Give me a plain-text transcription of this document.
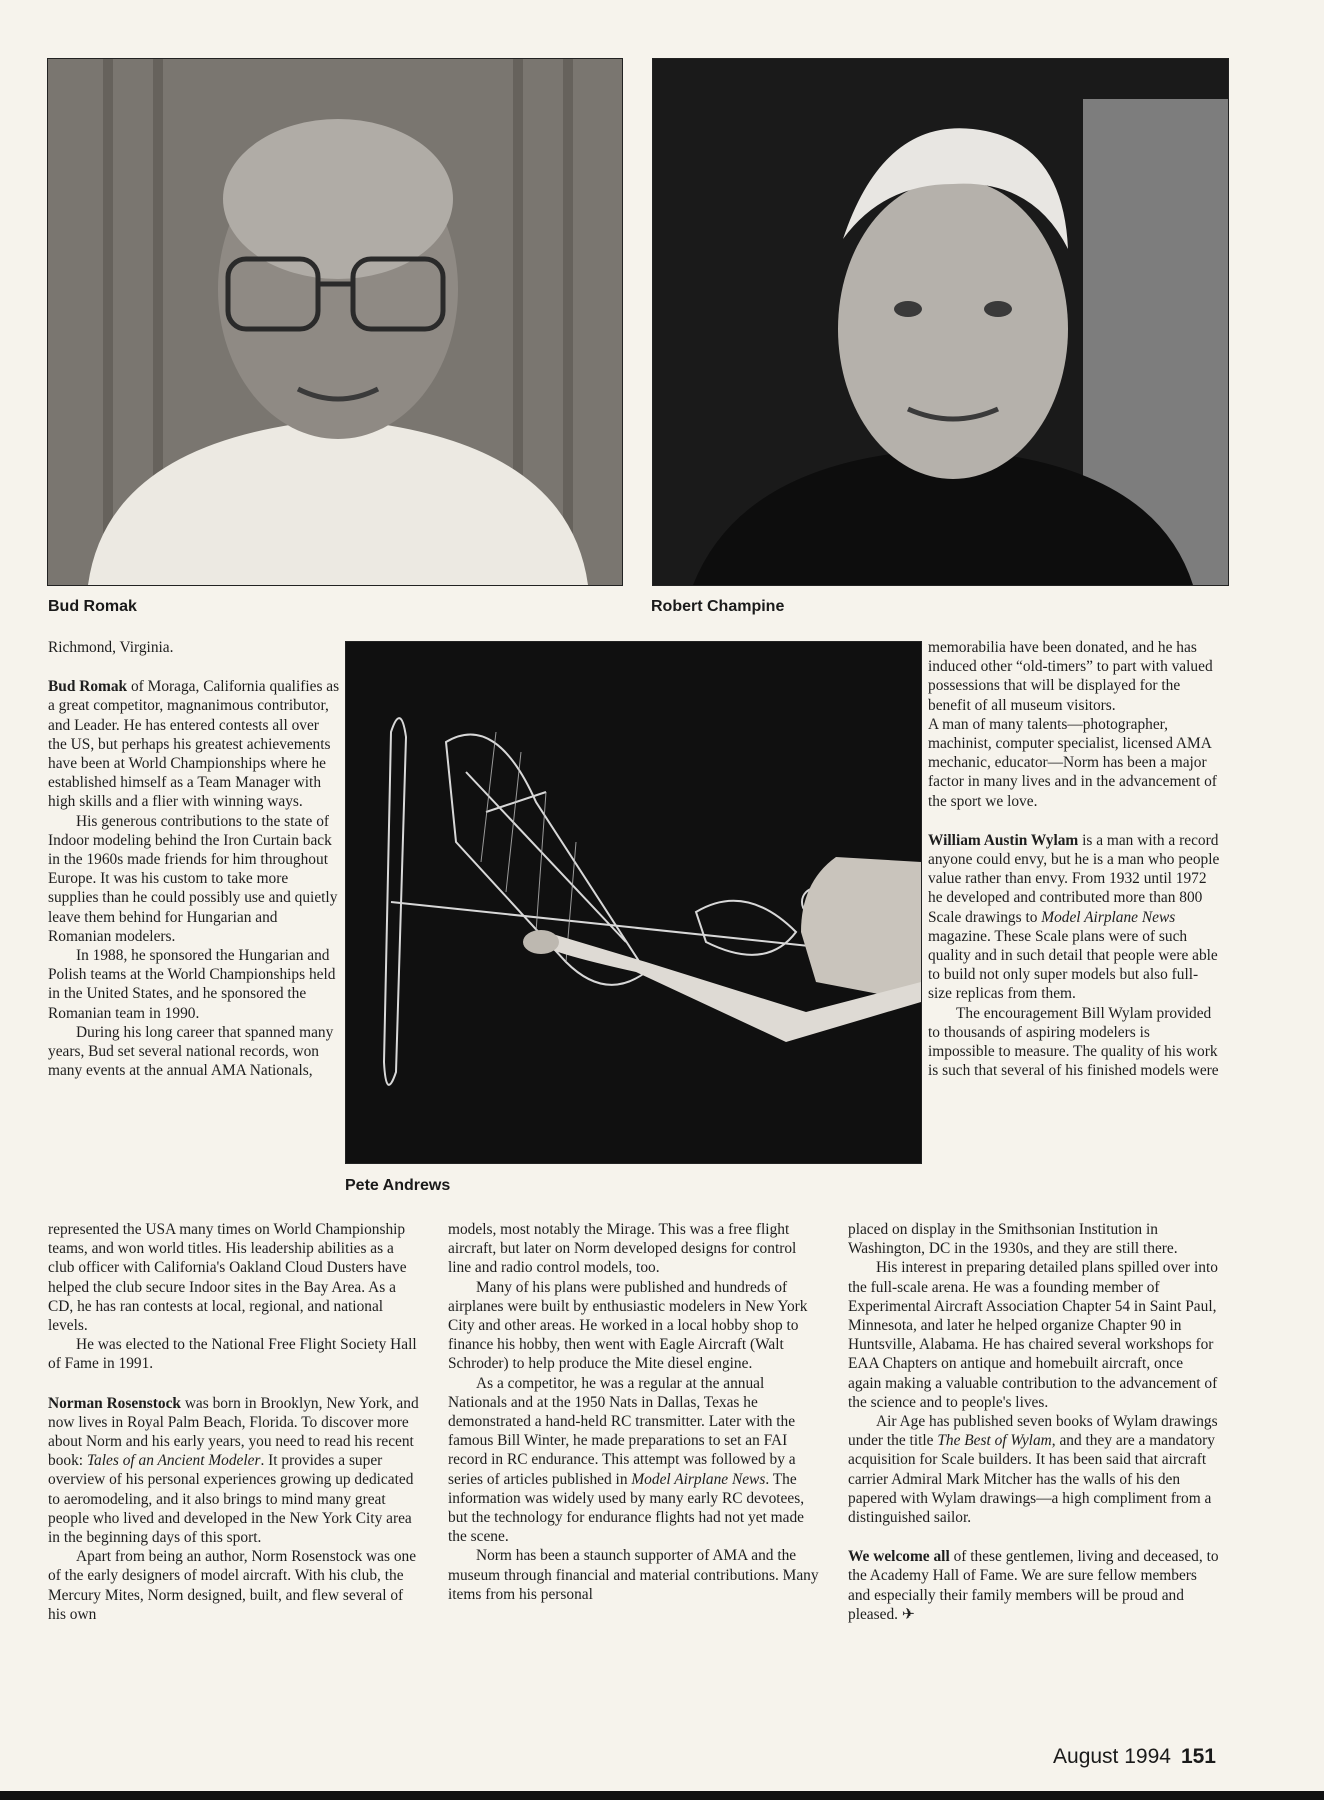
Bud Romak	Robert Champine
Pete Andrews

Richmond, Virginia.

Bud Romak of Moraga, California qualifies as a great competitor, magnanimous contributor, and Leader. He has entered contests all over the US, but perhaps his greatest achievements have been at World Championships where he established himself as a Team Manager with high skills and a flier with winning ways.

His generous contributions to the state of Indoor modeling behind the Iron Curtain back in the 1960s made friends for him throughout Europe. It was his custom to take more supplies than he could possibly use and quietly leave them behind for Hungarian and Romanian modelers.

In 1988, he sponsored the Hungarian and Polish teams at the World Championships held in the United States, and he sponsored the Romanian team in 1990.

During his long career that spanned many years, Bud set several national records, won many events at the annual AMA Nationals,

represented the USA many times on World Championship teams, and won world titles. His leadership abilities as a club officer with California's Oakland Cloud Dusters have helped the club secure Indoor sites in the Bay Area. As a CD, he has ran contests at local, regional, and national levels.

He was elected to the National Free Flight Society Hall of Fame in 1991.

Norman Rosenstock was born in Brooklyn, New York, and now lives in Royal Palm Beach, Florida. To discover more about Norm and his early years, you need to read his recent book: Tales of an Ancient Modeler. It provides a super overview of his personal experiences growing up dedicated to aeromodeling, and it also brings to mind many great people who lived and developed in the New York City area in the beginning days of this sport.

Apart from being an author, Norm Rosenstock was one of the early designers of model aircraft. With his club, the Mercury Mites, Norm designed, built, and flew several of his own

models, most notably the Mirage. This was a free flight aircraft, but later on Norm developed designs for control line and radio control models, too.

Many of his plans were published and hundreds of airplanes were built by enthusiastic modelers in New York City and other areas. He worked in a local hobby shop to finance his hobby, then went with Eagle Aircraft (Walt Schroder) to help produce the Mite diesel engine.

As a competitor, he was a regular at the annual Nationals and at the 1950 Nats in Dallas, Texas he demonstrated a hand-held RC transmitter. Later with the famous Bill Winter, he made preparations to set an FAI record in RC endurance. This attempt was followed by a series of articles published in Model Airplane News. The information was widely used by many early RC devotees, but the technology for endurance flights had not yet made the scene.

Norm has been a staunch supporter of AMA and the museum through financial and material contributions. Many items from his personal

memorabilia have been donated, and he has induced other “old-timers” to part with valued possessions that will be displayed for the benefit of all museum visitors.

A man of many talents—photographer, machinist, computer specialist, licensed AMA mechanic, educator—Norm has been a major factor in many lives and in the advancement of the sport we love.

William Austin Wylam is a man with a record anyone could envy, but he is a man who people value rather than envy. From 1932 until 1972 he developed and contributed more than 800 Scale drawings to Model Airplane News magazine. These Scale plans were of such quality and in such detail that people were able to build not only super models but also full-size replicas from them.

The encouragement Bill Wylam provided to thousands of aspiring modelers is impossible to measure. The quality of his work is such that several of his finished models were

placed on display in the Smithsonian Institution in Washington, DC in the 1930s, and they are still there.

His interest in preparing detailed plans spilled over into the full-scale arena. He was a founding member of Experimental Aircraft Association Chapter 54 in Saint Paul, Minnesota, and later he helped organize Chapter 90 in Huntsville, Alabama. He has chaired several workshops for EAA Chapters on antique and homebuilt aircraft, once again making a valuable contribution to the advancement of the science and to people's lives.

Air Age has published seven books of Wylam drawings under the title The Best of Wylam, and they are a mandatory acquisition for Scale builders. It has been said that aircraft carrier Admiral Mark Mitcher has the walls of his den papered with Wylam drawings—a high compliment from a distinguished sailor.

We welcome all of these gentlemen, living and deceased, to the Academy Hall of Fame. We are sure fellow members and especially their family members will be proud and pleased. ✈

August 1994 151
